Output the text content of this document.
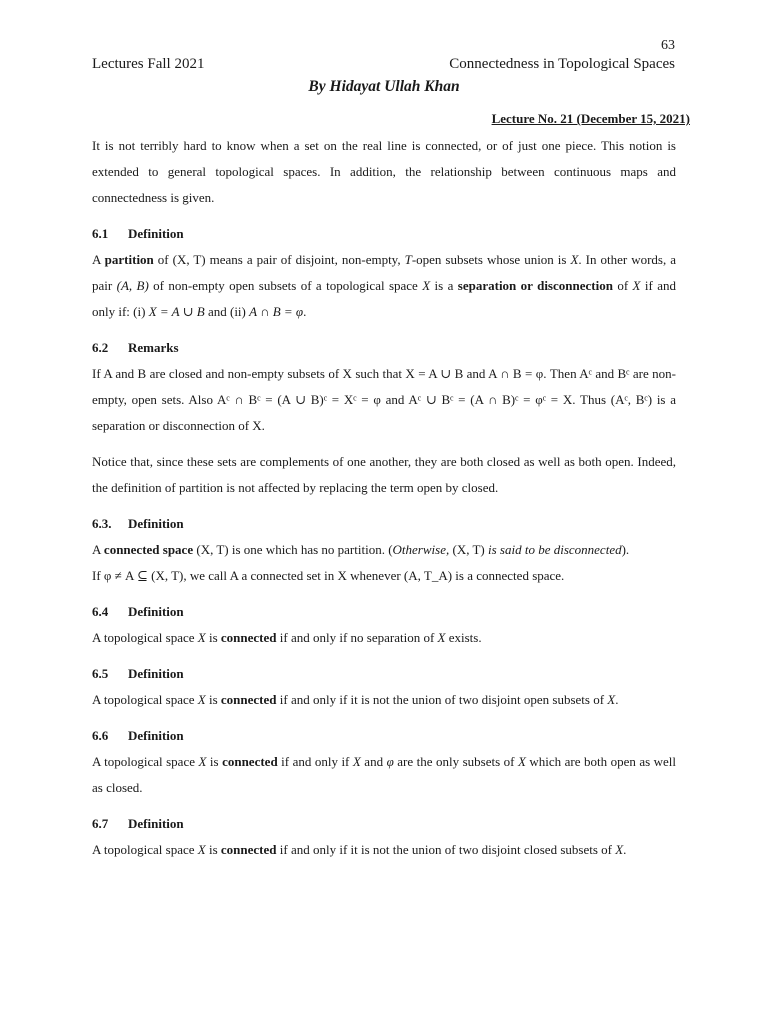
63
Lectures Fall 2021	Connectedness in Topological Spaces
By Hidayat Ullah Khan
Lecture No. 21 (December 15, 2021)

It is not terribly hard to know when a set on the real line is connected, or of just one piece. This notion is extended to general topological spaces. In addition, the relationship between continuous maps and connectedness is given.

6.1 Definition

A partition of (X, T) means a pair of disjoint, non-empty, T-open subsets whose union is X. In other words, a pair (A, B) of non-empty open subsets of a topological space X is a separation or disconnection of X if and only if: (i) X = A ∪ B and (ii) A ∩ B = φ.

6.2 Remarks

If A and B are closed and non-empty subsets of X such that X = A ∪ B and A ∩ B = φ. Then Aᶜ and Bᶜ are non-empty, open sets. Also Aᶜ ∩ Bᶜ = (A ∪ B)ᶜ = Xᶜ = φ and Aᶜ ∪ Bᶜ = (A ∩ B)ᶜ = φᶜ = X. Thus (Aᶜ, Bᶜ) is a separation or disconnection of X.

Notice that, since these sets are complements of one another, they are both closed as well as both open. Indeed, the definition of partition is not affected by replacing the term open by closed.

6.3. Definition

A connected space (X, T) is one which has no partition. (Otherwise, (X, T) is said to be disconnected).

If φ ≠ A ⊆ (X, T), we call A a connected set in X whenever (A, T_A) is a connected space.

6.4 Definition

A topological space X is connected if and only if no separation of X exists.

6.5 Definition

A topological space X is connected if and only if it is not the union of two disjoint open subsets of X.

6.6 Definition

A topological space X is connected if and only if X and φ are the only subsets of X which are both open as well as closed.

6.7 Definition

A topological space X is connected if and only if it is not the union of two disjoint closed subsets of X.
